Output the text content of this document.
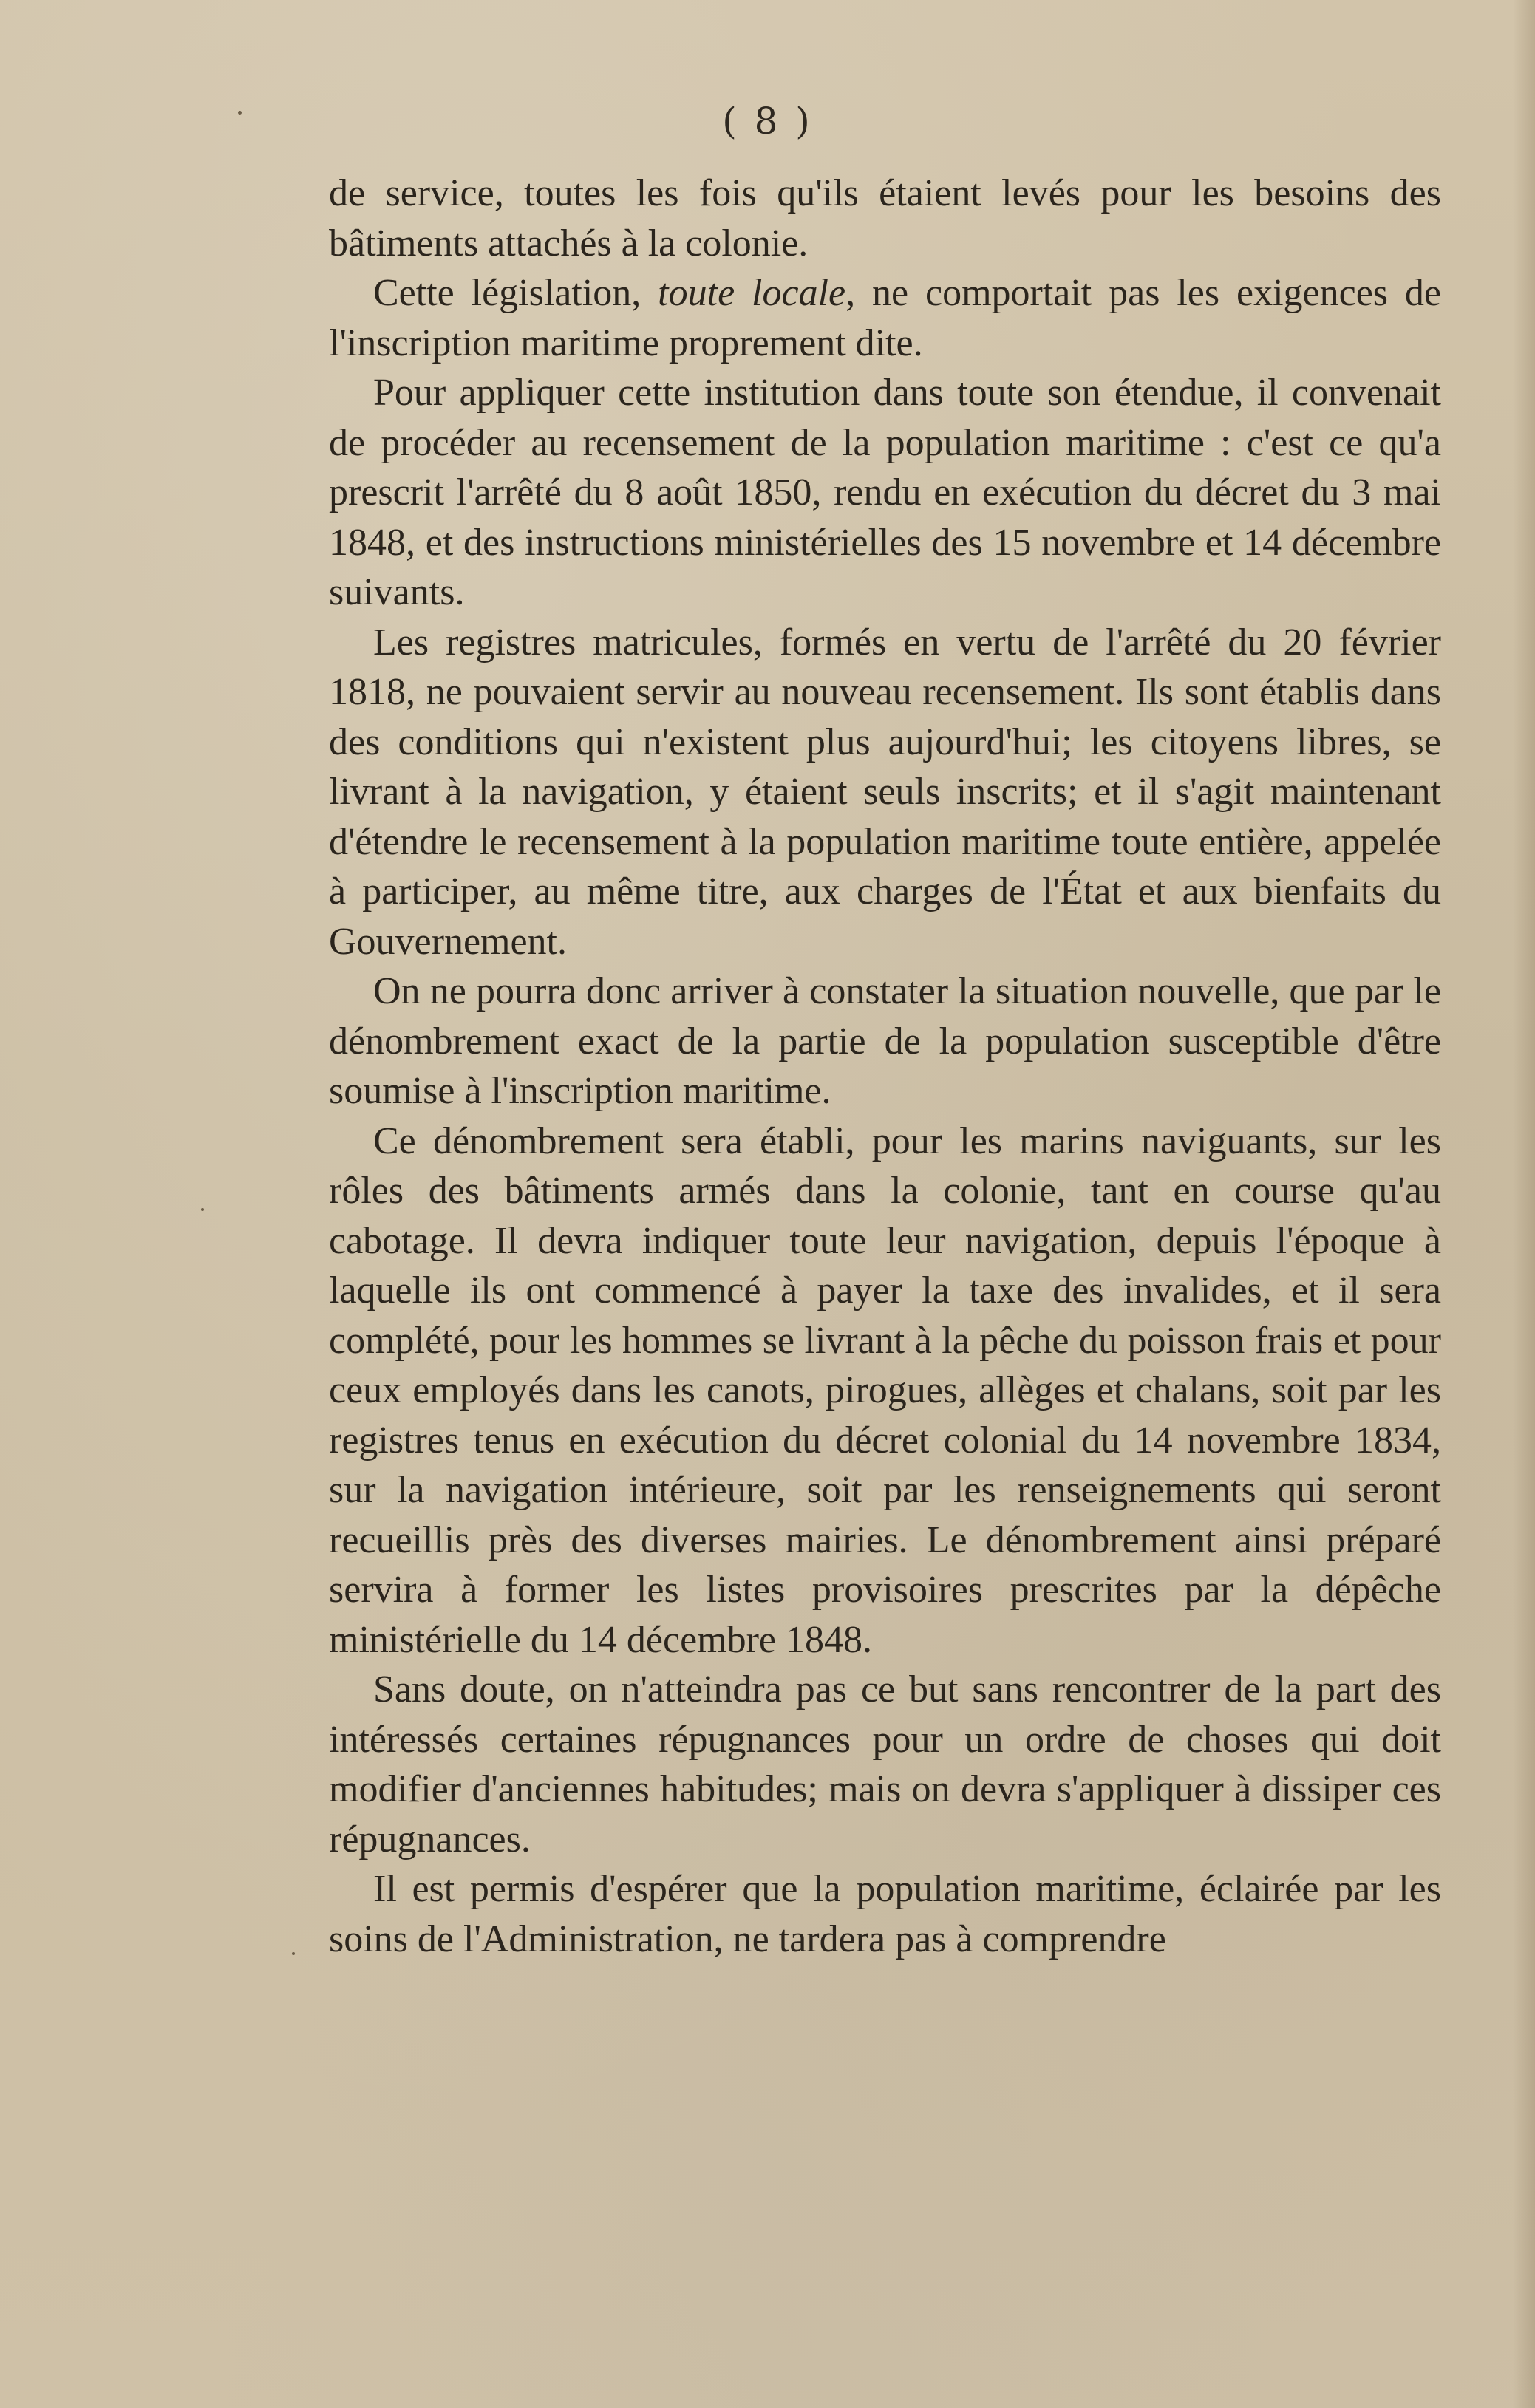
( 8 )

de service, toutes les fois qu'ils étaient levés pour les besoins des bâtiments attachés à la colonie.

Cette législation, toute locale, ne comportait pas les exigences de l'inscription maritime proprement dite.

Pour appliquer cette institution dans toute son étendue, il convenait de procéder au recensement de la population maritime : c'est ce qu'a prescrit l'arrêté du 8 août 1850, rendu en exécution du décret du 3 mai 1848, et des instructions ministérielles des 15 novembre et 14 décembre suivants.

Les registres matricules, formés en vertu de l'arrêté du 20 février 1818, ne pouvaient servir au nouveau recensement. Ils sont établis dans des conditions qui n'existent plus aujourd'hui; les citoyens libres, se livrant à la navigation, y étaient seuls inscrits; et il s'agit maintenant d'étendre le recensement à la population maritime toute entière, appelée à participer, au même titre, aux charges de l'État et aux bienfaits du Gouvernement.

On ne pourra donc arriver à constater la situation nouvelle, que par le dénombrement exact de la partie de la population susceptible d'être soumise à l'inscription maritime.

Ce dénombrement sera établi, pour les marins naviguants, sur les rôles des bâtiments armés dans la colonie, tant en course qu'au cabotage. Il devra indiquer toute leur navigation, depuis l'époque à laquelle ils ont commencé à payer la taxe des invalides, et il sera complété, pour les hommes se livrant à la pêche du poisson frais et pour ceux employés dans les canots, pirogues, allèges et chalans, soit par les registres tenus en exécution du décret colonial du 14 novembre 1834, sur la navigation intérieure, soit par les renseignements qui seront recueillis près des diverses mairies. Le dénombrement ainsi préparé servira à former les listes provisoires prescrites par la dépêche ministérielle du 14 décembre 1848.

Sans doute, on n'atteindra pas ce but sans rencontrer de la part des intéressés certaines répugnances pour un ordre de choses qui doit modifier d'anciennes habitudes; mais on devra s'appliquer à dissiper ces répugnances.

Il est permis d'espérer que la population maritime, éclairée par les soins de l'Administration, ne tardera pas à comprendre
